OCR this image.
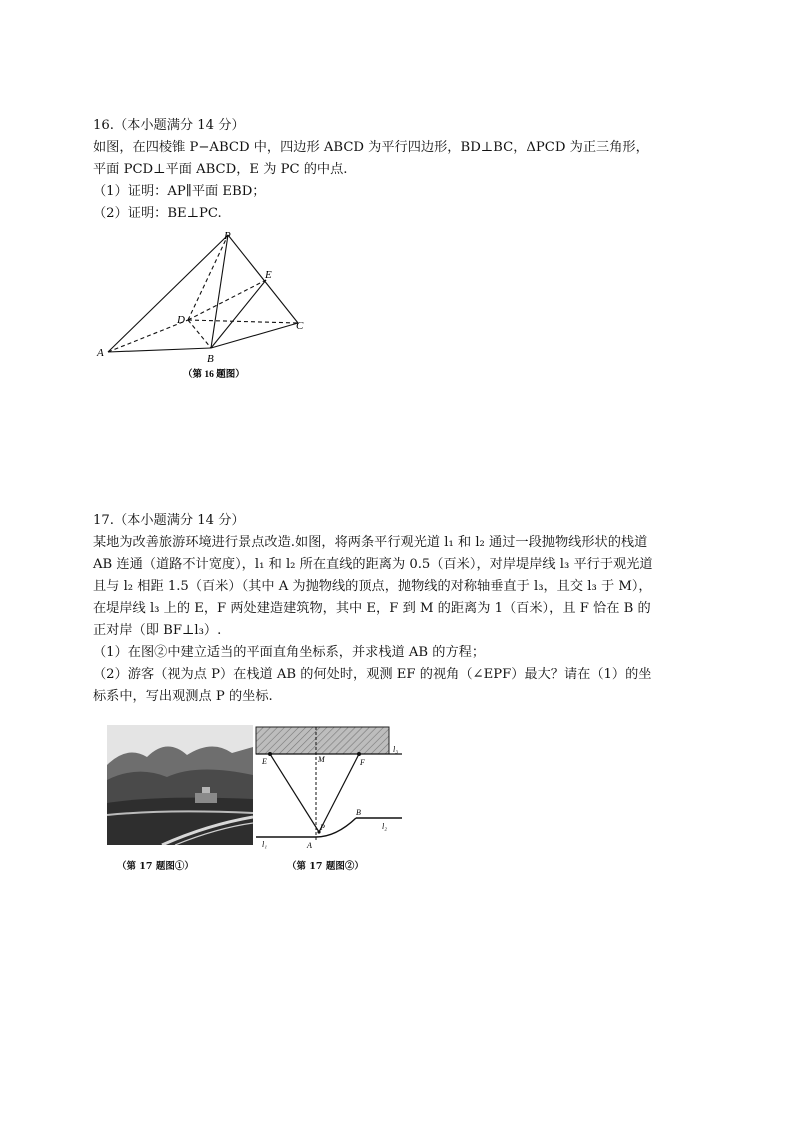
16.（本小题满分 14 分）
如图，在四棱锥 P−ABCD 中，四边形 ABCD 为平行四边形，BD⊥BC，ΔPCD 为正三角形，
平面 PCD⊥平面 ABCD，E 为 PC 的中点.
（1）证明：AP∥平面 EBD；
（2）证明：BE⊥PC.
P
A	B
C
D
E
（第 16 题图）
17.（本小题满分 14 分）
某地为改善旅游环境进行景点改造.如图，将两条平行观光道 l₁ 和 l₂ 通过一段抛物线形状的栈道
AB 连通（道路不计宽度），l₁ 和 l₂ 所在直线的距离为 0.5（百米），对岸堤岸线 l₃ 平行于观光道
且与 l₂ 相距 1.5（百米）（其中 A 为抛物线的顶点，抛物线的对称轴垂直于 l₃，且交 l₃ 于 M），
在堤岸线 l₃ 上的 E，F 两处建造建筑物，其中 E，F 到 M 的距离为 1（百米），且 F 恰在 B 的
正对岸（即 BF⊥l₃）.
（1）在图②中建立适当的平面直角坐标系，并求栈道 AB 的方程；
（2）游客（视为点 P）在栈道 AB 的何处时，观测 EF 的视角（∠EPF）最大？请在（1）的坐
标系中，写出观测点 P 的坐标.
（第 17 题图①）
E	M	F
l₃
B
P
A
l₁
l₂
（第 17 题图②）
